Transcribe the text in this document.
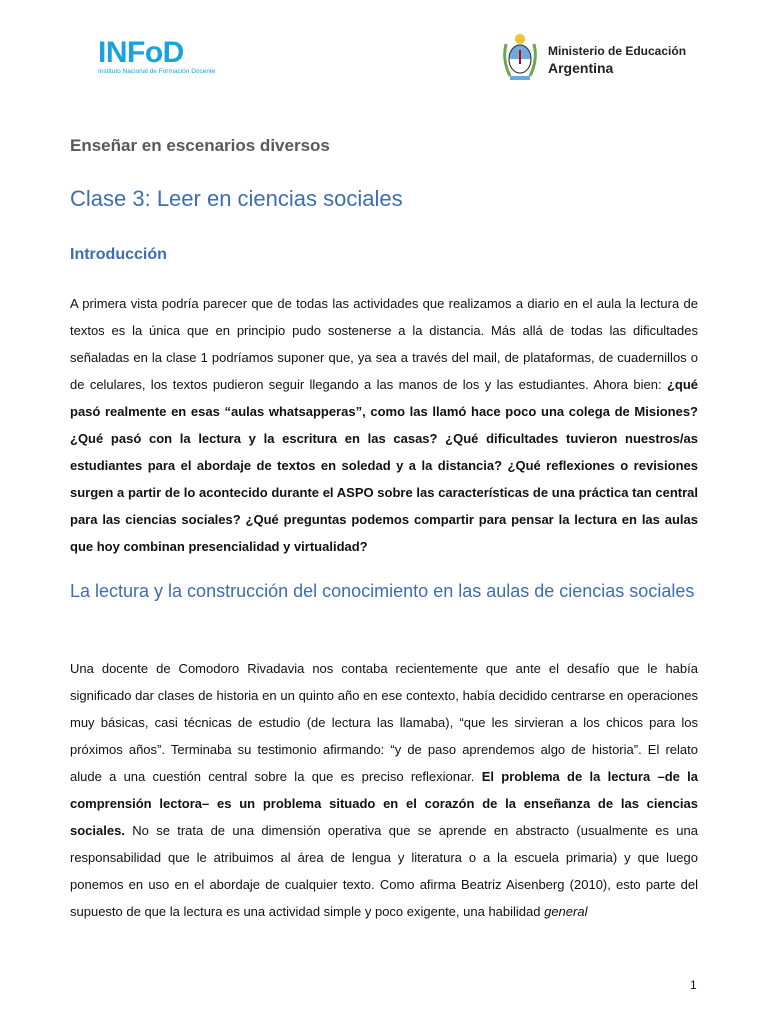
INFoD
Instituto Nacional de Formación Docente
Ministerio de Educación
Argentina
Enseñar en escenarios diversos
Clase 3: Leer en ciencias sociales
Introducción

A primera vista podría parecer que de todas las actividades que realizamos a diario en el aula la lectura de textos es la única que en principio pudo sostenerse a la distancia. Más allá de todas las dificultades señaladas en la clase 1 podríamos suponer que, ya sea a través del mail, de plataformas, de cuadernillos o de celulares, los textos pudieron seguir llegando a las manos de los y las estudiantes. Ahora bien: ¿qué pasó realmente en esas “aulas whatsapperas”, como las llamó hace poco una colega de Misiones? ¿Qué pasó con la lectura y la escritura en las casas? ¿Qué dificultades tuvieron nuestros/as estudiantes para el abordaje de textos en soledad y a la distancia? ¿Qué reflexiones o revisiones surgen a partir de lo acontecido durante el ASPO sobre las características de una práctica tan central para las ciencias sociales? ¿Qué preguntas podemos compartir para pensar la lectura en las aulas que hoy combinan presencialidad y virtualidad?

La lectura y la construcción del conocimiento en las aulas de ciencias sociales

Una docente de Comodoro Rivadavia nos contaba recientemente que ante el desafío que le había significado dar clases de historia en un quinto año en ese contexto, había decidido centrarse en operaciones muy básicas, casi técnicas de estudio (de lectura las llamaba), “que les sirvieran a los chicos para los próximos años”. Terminaba su testimonio afirmando: “y de paso aprendemos algo de historia”. El relato alude a una cuestión central sobre la que es preciso reflexionar. El problema de la lectura –de la comprensión lectora– es un problema situado en el corazón de la enseñanza de las ciencias sociales. No se trata de una dimensión operativa que se aprende en abstracto (usualmente es una responsabilidad que le atribuimos al área de lengua y literatura o a la escuela primaria) y que luego ponemos en uso en el abordaje de cualquier texto. Como afirma Beatriz Aisenberg (2010), esto parte del supuesto de que la lectura es una actividad simple y poco exigente, una habilidad general

1
